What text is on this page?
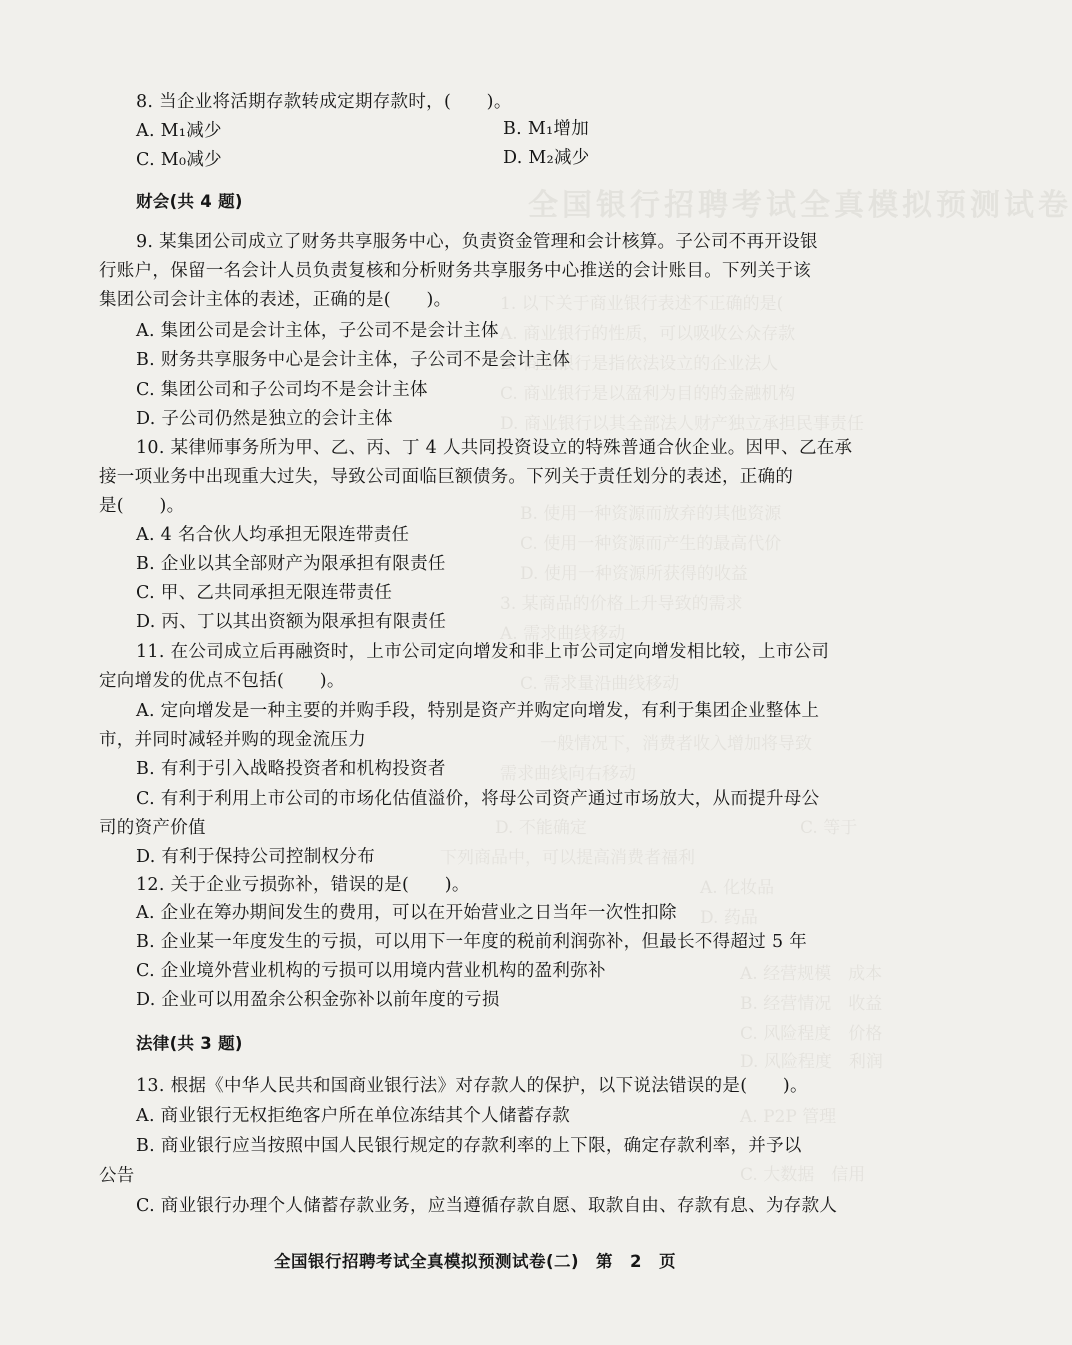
全国银行招聘考试全真模拟预测试卷
1. 以下关于商业银行表述不正确的是(
A. 商业银行的性质，可以吸收公众存款
B. 商业银行是指依法设立的企业法人
C. 商业银行是以盈利为目的的金融机构
D. 商业银行以其全部法人财产独立承担民事责任
B. 使用一种资源而放弃的其他资源
C. 使用一种资源而产生的最高代价
D. 使用一种资源所获得的收益
3. 某商品的价格上升导致的需求
A. 需求曲线移动
C. 需求量沿曲线移动
一般情况下，消费者收入增加将导致
需求曲线向右移动
C. 等于
D. 不能确定
下列商品中，可以提高消费者福利
A. 化妆品
D. 药品
A. 经营规模　成本
B. 经营情况　收益
C. 风险程度　价格
D. 风险程度　利润
A. P2P 管理
C. 大数据　信用
8. 当企业将活期存款转成定期存款时，(　　)。
A. M₁减少	B. M₁增加
C. M₀减少	D. M₂减少
财会(共 4 题)
9. 某集团公司成立了财务共享服务中心，负责资金管理和会计核算。子公司不再开设银
行账户，保留一名会计人员负责复核和分析财务共享服务中心推送的会计账目。下列关于该
集团公司会计主体的表述，正确的是(　　)。
A. 集团公司是会计主体，子公司不是会计主体
B. 财务共享服务中心是会计主体，子公司不是会计主体
C. 集团公司和子公司均不是会计主体
D. 子公司仍然是独立的会计主体
10. 某律师事务所为甲、乙、丙、丁 4 人共同投资设立的特殊普通合伙企业。因甲、乙在承
接一项业务中出现重大过失，导致公司面临巨额债务。下列关于责任划分的表述，正确的
是(　　)。
A. 4 名合伙人均承担无限连带责任
B. 企业以其全部财产为限承担有限责任
C. 甲、乙共同承担无限连带责任
D. 丙、丁以其出资额为限承担有限责任
11. 在公司成立后再融资时，上市公司定向增发和非上市公司定向增发相比较，上市公司
定向增发的优点不包括(　　)。
A. 定向增发是一种主要的并购手段，特别是资产并购定向增发，有利于集团企业整体上
市，并同时减轻并购的现金流压力
B. 有利于引入战略投资者和机构投资者
C. 有利于利用上市公司的市场化估值溢价，将母公司资产通过市场放大，从而提升母公
司的资产价值
D. 有利于保持公司控制权分布
12. 关于企业亏损弥补，错误的是(　　)。
A. 企业在筹办期间发生的费用，可以在开始营业之日当年一次性扣除
B. 企业某一年度发生的亏损，可以用下一年度的税前利润弥补，但最长不得超过 5 年
C. 企业境外营业机构的亏损可以用境内营业机构的盈利弥补
D. 企业可以用盈余公积金弥补以前年度的亏损
法律(共 3 题)
13. 根据《中华人民共和国商业银行法》对存款人的保护，以下说法错误的是(　　)。
A. 商业银行无权拒绝客户所在单位冻结其个人储蓄存款
B. 商业银行应当按照中国人民银行规定的存款利率的上下限，确定存款利率，并予以
公告
C. 商业银行办理个人储蓄存款业务，应当遵循存款自愿、取款自由、存款有息、为存款人
全国银行招聘考试全真模拟预测试卷(二)　第　2　页
